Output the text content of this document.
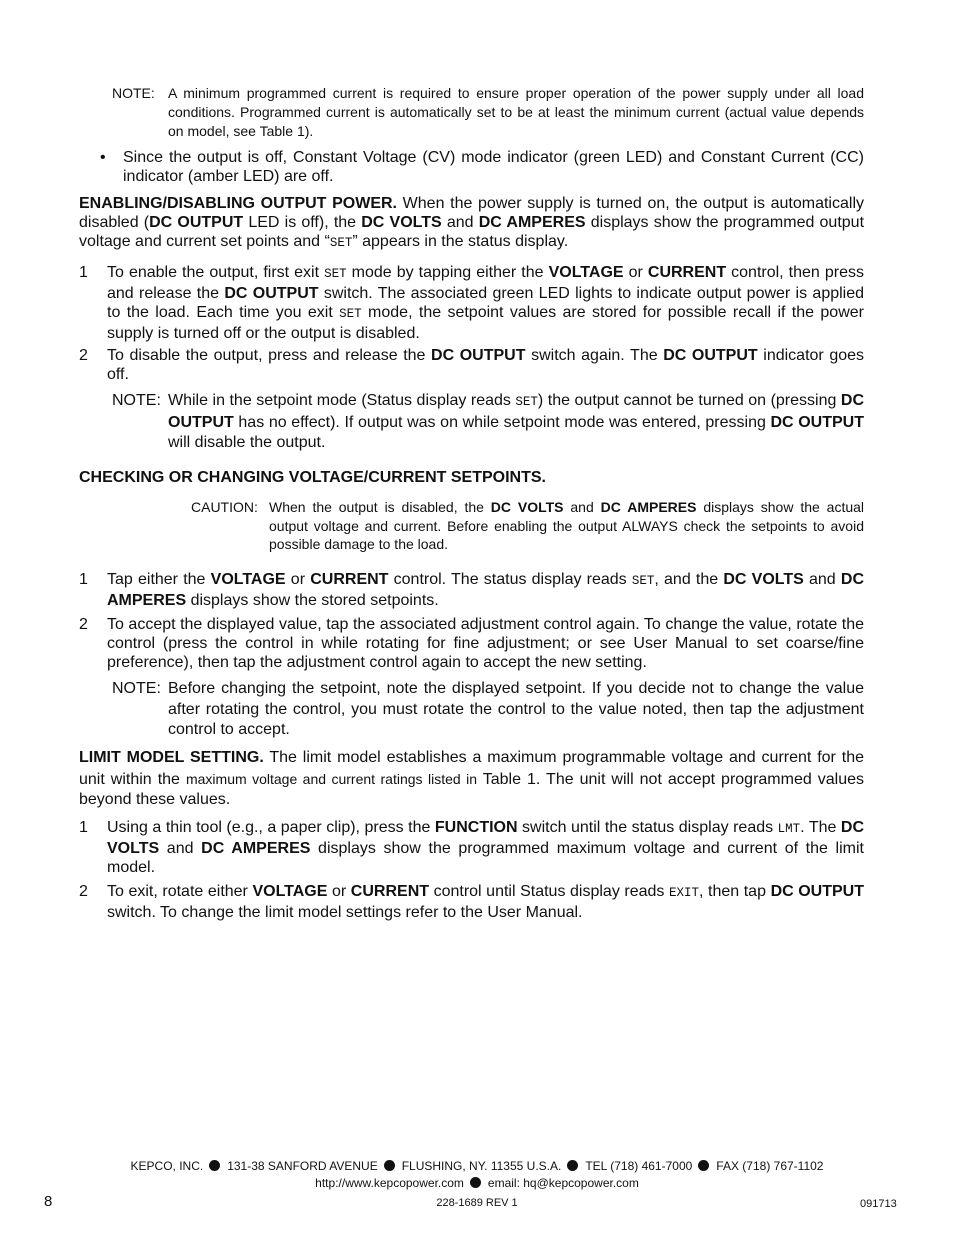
NOTE: A minimum programmed current is required to ensure proper operation of the power supply under all load conditions. Programmed current is automatically set to be at least the minimum current (actual value depends on model, see Table 1).
• Since the output is off, Constant Voltage (CV) mode indicator (green LED) and Constant Current (CC) indicator (amber LED) are off.
ENABLING/DISABLING OUTPUT POWER. When the power supply is turned on, the output is automatically disabled (DC OUTPUT LED is off), the DC VOLTS and DC AMPERES displays show the programmed output voltage and current set points and “SET” appears in the status display.
1 To enable the output, first exit SET mode by tapping either the VOLTAGE or CURRENT control, then press and release the DC OUTPUT switch. The associated green LED lights to indicate output power is applied to the load. Each time you exit SET mode, the setpoint values are stored for possible recall if the power supply is turned off or the output is disabled.
2 To disable the output, press and release the DC OUTPUT switch again. The DC OUTPUT indicator goes off.
NOTE: While in the setpoint mode (Status display reads SET) the output cannot be turned on (pressing DC OUTPUT has no effect). If output was on while setpoint mode was entered, pressing DC OUTPUT will disable the output.
CHECKING OR CHANGING VOLTAGE/CURRENT SETPOINTS.
CAUTION: When the output is disabled, the DC VOLTS and DC AMPERES displays show the actual output voltage and current. Before enabling the output ALWAYS check the setpoints to avoid possible damage to the load.
1 Tap either the VOLTAGE or CURRENT control. The status display reads SET, and the DC VOLTS and DC AMPERES displays show the stored setpoints.
2 To accept the displayed value, tap the associated adjustment control again. To change the value, rotate the control (press the control in while rotating for fine adjustment; or see User Manual to set coarse/fine preference), then tap the adjustment control again to accept the new setting.
NOTE: Before changing the setpoint, note the displayed setpoint. If you decide not to change the value after rotating the control, you must rotate the control to the value noted, then tap the adjustment control to accept.
LIMIT MODEL SETTING. The limit model establishes a maximum programmable voltage and current for the unit within the maximum voltage and current ratings listed in Table 1. The unit will not accept programmed values beyond these values.
1 Using a thin tool (e.g., a paper clip), press the FUNCTION switch until the status display reads LMT. The DC VOLTS and DC AMPERES displays show the programmed maximum voltage and current of the limit model.
2 To exit, rotate either VOLTAGE or CURRENT control until Status display reads EXIT, then tap DC OUTPUT switch. To change the limit model settings refer to the User Manual.
KEPCO, INC. 131-38 SANFORD AVENUE FLUSHING, NY. 11355 U.S.A. TEL (718) 461-7000 FAX (718) 767-1102
http://www.kepcopower.com email: hq@kepcopower.com
8	228-1689 REV 1	091713
